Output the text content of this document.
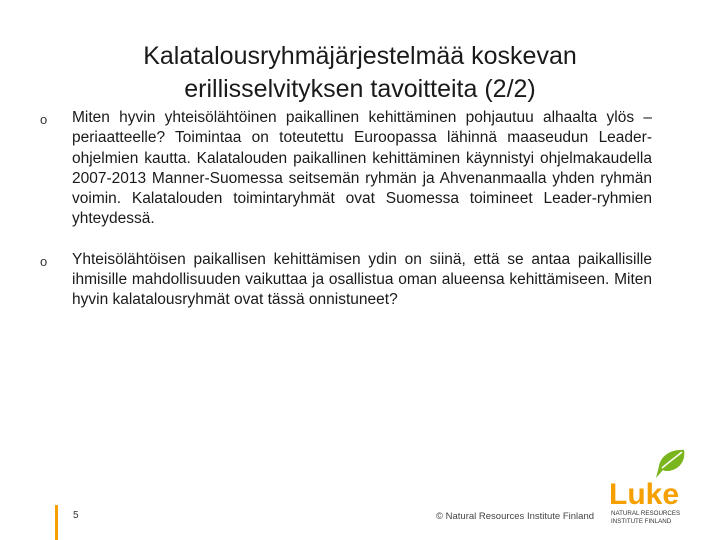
Kalatalousryhmäjärjestelmää koskevan
erillisselvityksen tavoitteita (2/2)
o Miten hyvin yhteisölähtöinen paikallinen kehittäminen pohjautuu alhaalta ylös –periaatteelle? Toimintaa on toteutettu Euroopassa lähinnä maaseudun Leader-ohjelmien kautta. Kalatalouden paikallinen kehittäminen käynnistyi ohjelmakaudella 2007-2013 Manner-Suomessa seitsemän ryhmän ja Ahvenanmaalla yhden ryhmän voimin. Kalatalouden toimintaryhmät ovat Suomessa toimineet Leader-ryhmien yhteydessä.
o Yhteisölähtöisen paikallisen kehittämisen ydin on siinä, että se antaa paikallisille ihmisille mahdollisuuden vaikuttaa ja osallistua oman alueensa kehittämiseen. Miten hyvin kalatalousryhmät ovat tässä onnistuneet?
5	© Natural Resources Institute Finland
Luke
NATURAL RESOURCES
INSTITUTE FINLAND
